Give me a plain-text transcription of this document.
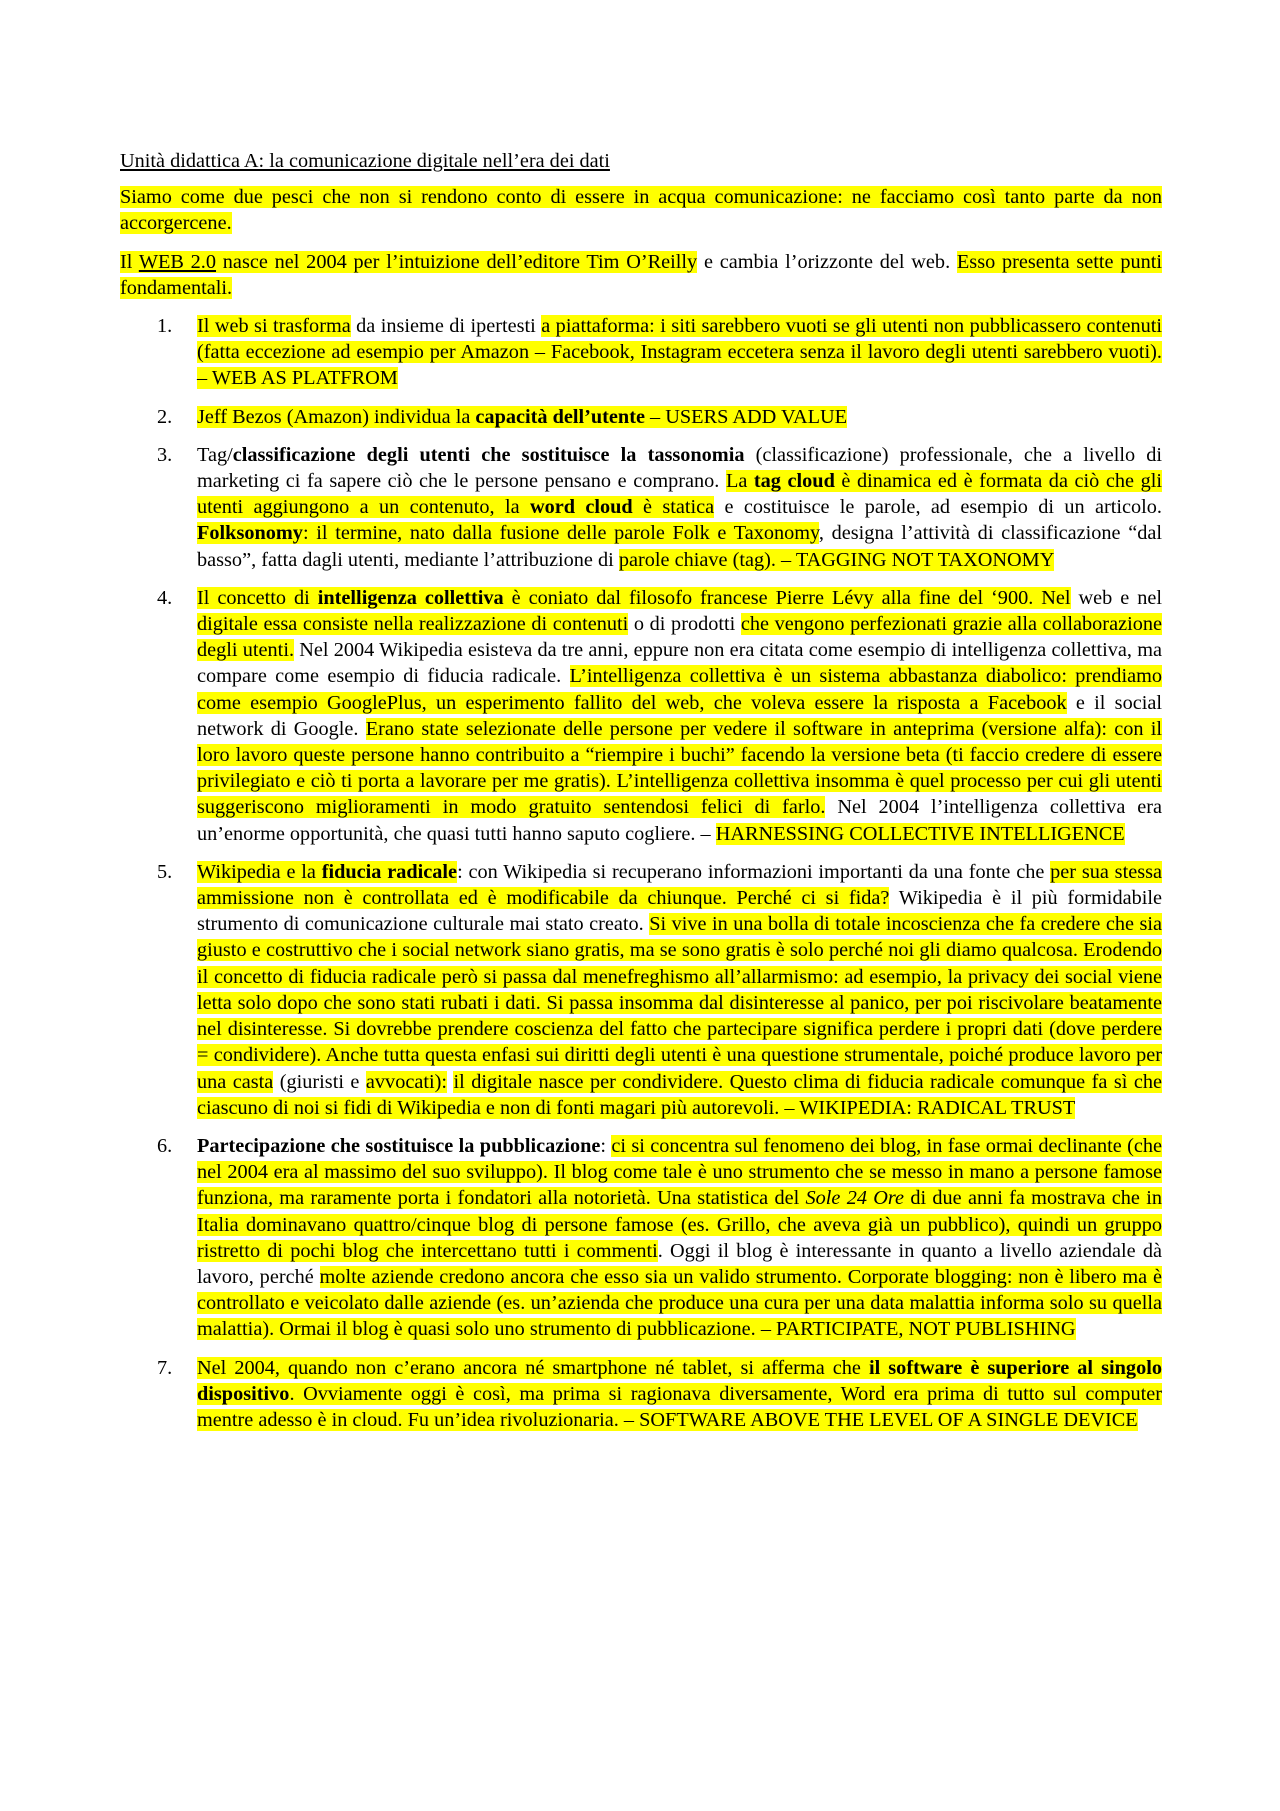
Unità didattica A: la comunicazione digitale nell’era dei dati

Siamo come due pesci che non si rendono conto di essere in acqua comunicazione: ne facciamo così tanto parte da non accorgercene.

Il WEB 2.0 nasce nel 2004 per l’intuizione dell’editore Tim O’Reilly e cambia l’orizzonte del web. Esso presenta sette punti fondamentali.

1.	Il web si trasforma da insieme di ipertesti a piattaforma: i siti sarebbero vuoti se gli utenti non pubblicassero contenuti (fatta eccezione ad esempio per Amazon – Facebook, Instagram eccetera senza il lavoro degli utenti sarebbero vuoti). – WEB AS PLATFROM
2.	Jeff Bezos (Amazon) individua la capacità dell’utente – USERS ADD VALUE
3.	Tag/classificazione degli utenti che sostituisce la tassonomia (classificazione) professionale, che a livello di marketing ci fa sapere ciò che le persone pensano e comprano. La tag cloud è dinamica ed è formata da ciò che gli utenti aggiungono a un contenuto, la word cloud è statica e costituisce le parole, ad esempio di un articolo. Folksonomy: il termine, nato dalla fusione delle parole Folk e Taxonomy, designa l’attività di classificazione “dal basso”, fatta dagli utenti, mediante l’attribuzione di parole chiave (tag). – TAGGING NOT TAXONOMY
4.	Il concetto di intelligenza collettiva è coniato dal filosofo francese Pierre Lévy alla fine del ‘900. Nel web e nel digitale essa consiste nella realizzazione di contenuti o di prodotti che vengono perfezionati grazie alla collaborazione degli utenti. Nel 2004 Wikipedia esisteva da tre anni, eppure non era citata come esempio di intelligenza collettiva, ma compare come esempio di fiducia radicale. L’intelligenza collettiva è un sistema abbastanza diabolico: prendiamo come esempio GooglePlus, un esperimento fallito del web, che voleva essere la risposta a Facebook e il social network di Google. Erano state selezionate delle persone per vedere il software in anteprima (versione alfa): con il loro lavoro queste persone hanno contribuito a “riempire i buchi” facendo la versione beta (ti faccio credere di essere privilegiato e ciò ti porta a lavorare per me gratis). L’intelligenza collettiva insomma è quel processo per cui gli utenti suggeriscono miglioramenti in modo gratuito sentendosi felici di farlo. Nel 2004 l’intelligenza collettiva era un’enorme opportunità, che quasi tutti hanno saputo cogliere. – HARNESSING COLLECTIVE INTELLIGENCE
5.	Wikipedia e la fiducia radicale: con Wikipedia si recuperano informazioni importanti da una fonte che per sua stessa ammissione non è controllata ed è modificabile da chiunque. Perché ci si fida? Wikipedia è il più formidabile strumento di comunicazione culturale mai stato creato. Si vive in una bolla di totale incoscienza che fa credere che sia giusto e costruttivo che i social network siano gratis, ma se sono gratis è solo perché noi gli diamo qualcosa. Erodendo il concetto di fiducia radicale però si passa dal menefreghismo all’allarmismo: ad esempio, la privacy dei social viene letta solo dopo che sono stati rubati i dati. Si passa insomma dal disinteresse al panico, per poi riscivolare beatamente nel disinteresse. Si dovrebbe prendere coscienza del fatto che partecipare significa perdere i propri dati (dove perdere = condividere). Anche tutta questa enfasi sui diritti degli utenti è una questione strumentale, poiché produce lavoro per una casta (giuristi e avvocati): il digitale nasce per condividere. Questo clima di fiducia radicale comunque fa sì che ciascuno di noi si fidi di Wikipedia e non di fonti magari più autorevoli. – WIKIPEDIA: RADICAL TRUST
6.	Partecipazione che sostituisce la pubblicazione: ci si concentra sul fenomeno dei blog, in fase ormai declinante (che nel 2004 era al massimo del suo sviluppo). Il blog come tale è uno strumento che se messo in mano a persone famose funziona, ma raramente porta i fondatori alla notorietà. Una statistica del Sole 24 Ore di due anni fa mostrava che in Italia dominavano quattro/cinque blog di persone famose (es. Grillo, che aveva già un pubblico), quindi un gruppo ristretto di pochi blog che intercettano tutti i commenti. Oggi il blog è interessante in quanto a livello aziendale dà lavoro, perché molte aziende credono ancora che esso sia un valido strumento. Corporate blogging: non è libero ma è controllato e veicolato dalle aziende (es. un’azienda che produce una cura per una data malattia informa solo su quella malattia). Ormai il blog è quasi solo uno strumento di pubblicazione. – PARTICIPATE, NOT PUBLISHING
7.	Nel 2004, quando non c’erano ancora né smartphone né tablet, si afferma che il software è superiore al singolo dispositivo. Ovviamente oggi è così, ma prima si ragionava diversamente, Word era prima di tutto sul computer mentre adesso è in cloud. Fu un’idea rivoluzionaria. – SOFTWARE ABOVE THE LEVEL OF A SINGLE DEVICE
